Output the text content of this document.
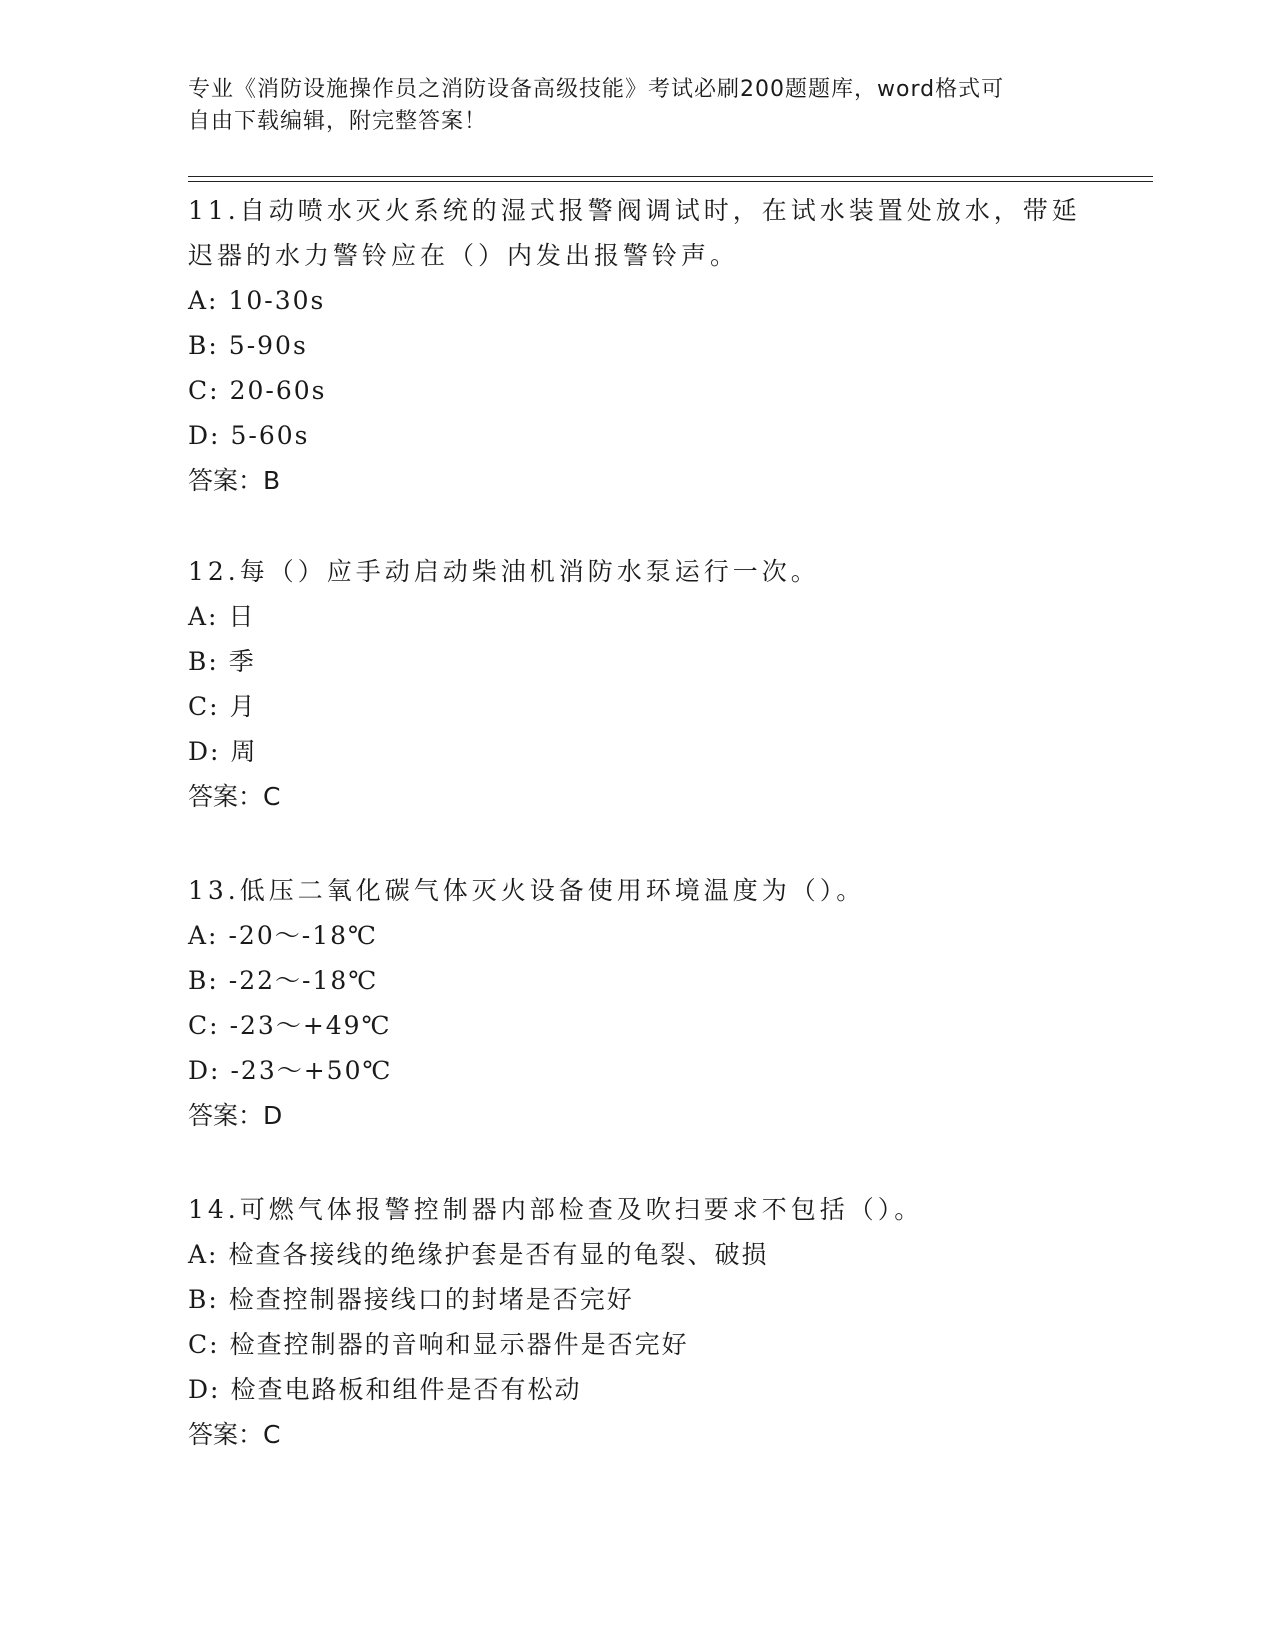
专业《消防设施操作员之消防设备高级技能》考试必刷200题题库，word格式可
自由下载编辑，附完整答案！

11.自动喷水灭火系统的湿式报警阀调试时，在试水装置处放水，带延迟器的水力警铃应在（）内发出报警铃声。

A: 10-30s

B: 5-90s

C: 20-60s

D: 5-60s

答案：B

12.每（）应手动启动柴油机消防水泵运行一次。

A: 日

B: 季

C: 月

D: 周

答案：C

13.低压二氧化碳气体灭火设备使用环境温度为（）。

A: -20～-18℃

B: -22～-18℃

C: -23～+49℃

D: -23～+50℃

答案：D

14.可燃气体报警控制器内部检查及吹扫要求不包括（）。

A: 检查各接线的绝缘护套是否有显的龟裂、破损

B: 检查控制器接线口的封堵是否完好

C: 检查控制器的音响和显示器件是否完好

D: 检查电路板和组件是否有松动

答案：C
